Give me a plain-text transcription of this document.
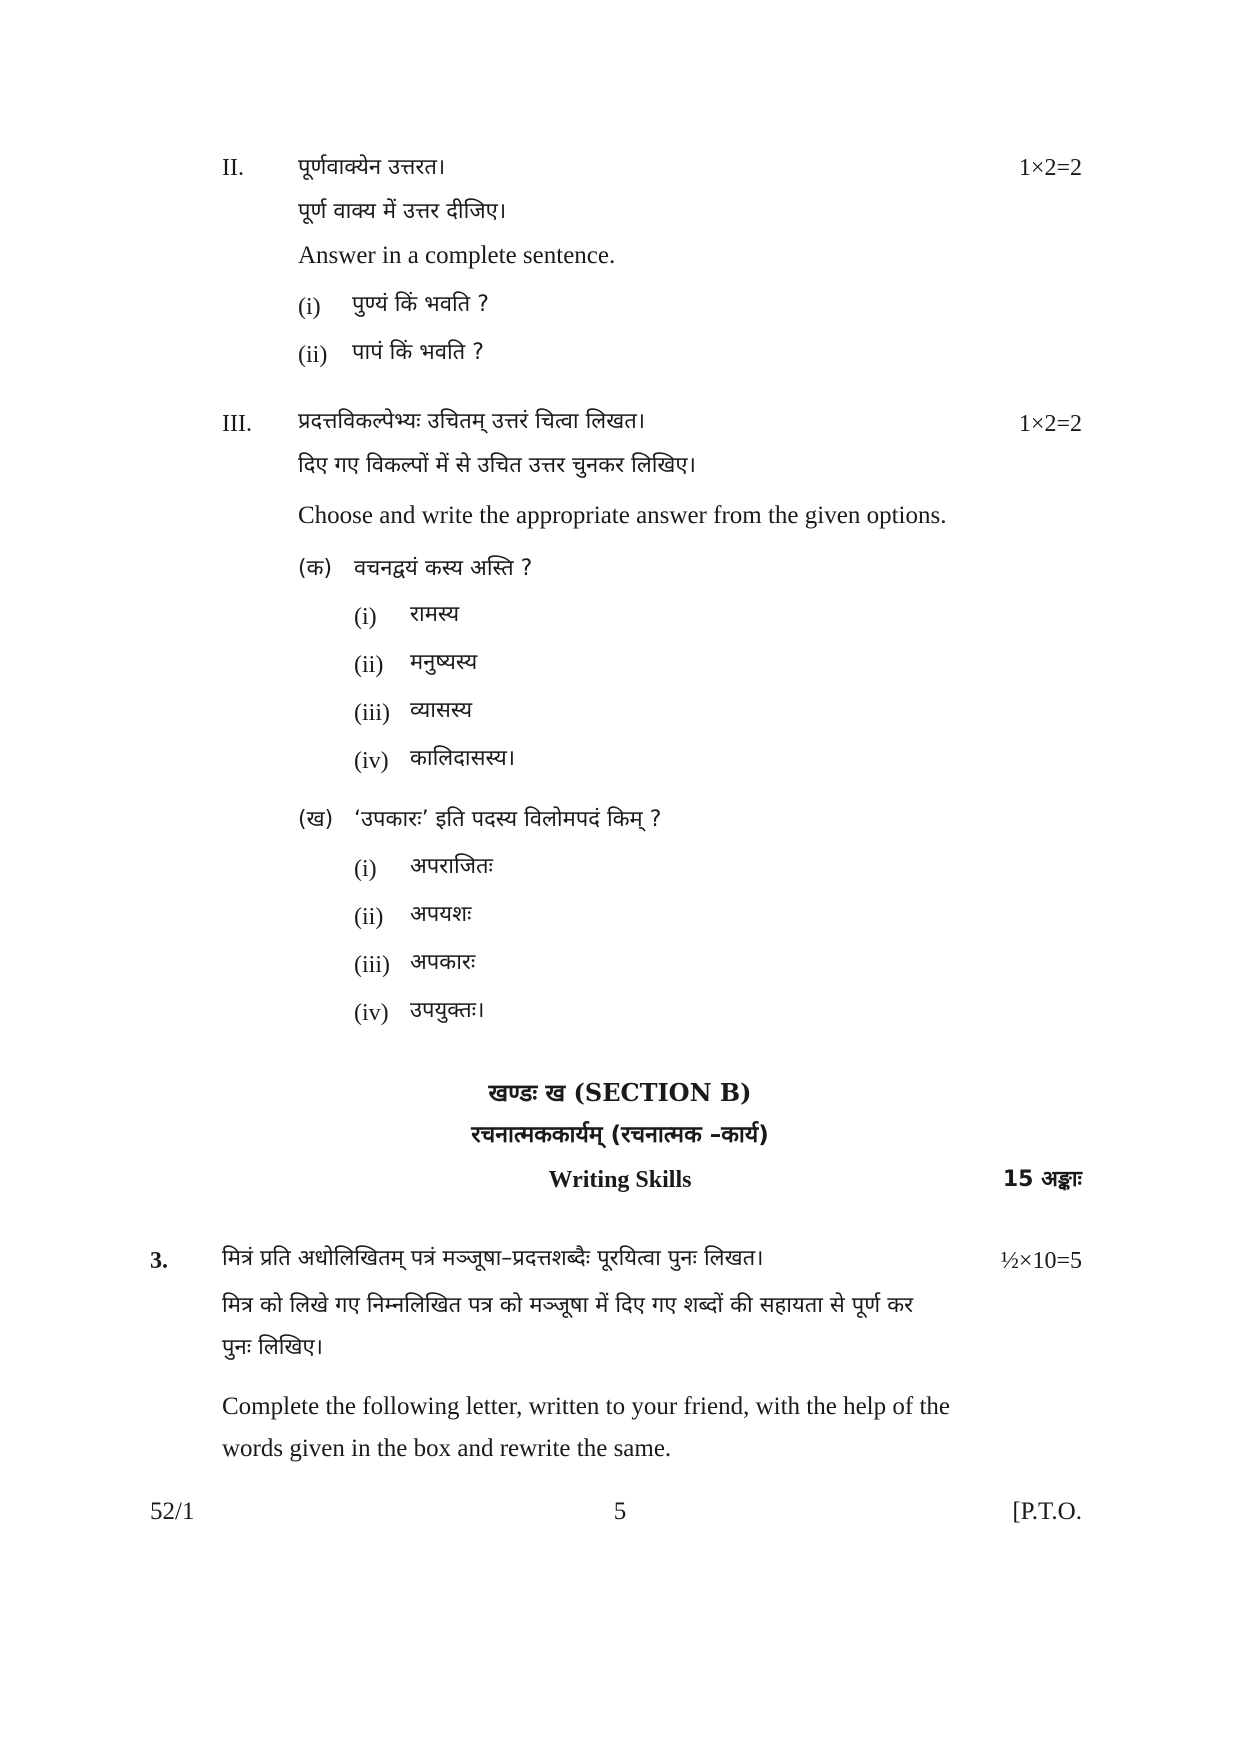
II. पूर्णवाक्येन उत्तरत।	1×2=2
पूर्ण वाक्य में उत्तर दीजिए।
Answer in a complete sentence.
(i) पुण्यं किं भवति ?
(ii) पापं किं भवति ?
III. प्रदत्तविकल्पेभ्यः उचितम् उत्तरं चित्वा लिखत।	1×2=2
दिए गए विकल्पों में से उचित उत्तर चुनकर लिखिए।
Choose and write the appropriate answer from the given options.
(क) वचनद्वयं कस्य अस्ति ?
(i) रामस्य
(ii) मनुष्यस्य
(iii) व्यासस्य
(iv) कालिदासस्य।
(ख) ‘उपकारः’ इति पदस्य विलोमपदं किम् ?
(i) अपराजितः
(ii) अपयशः
(iii) अपकारः
(iv) उपयुक्तः।
खण्डः ख (SECTION B)
रचनात्मककार्यम् (रचनात्मक –कार्य)
Writing Skills	15 अङ्काः
3. मित्रं प्रति अधोलिखितम् पत्रं मञ्जूषा–प्रदत्तशब्दैः पूरयित्वा पुनः लिखत।	½×10=5
मित्र को लिखे गए निम्नलिखित पत्र को मञ्जूषा में दिए गए शब्दों की सहायता से पूर्ण कर
पुनः लिखिए।
Complete the following letter, written to your friend, with the help of the
words given in the box and rewrite the same.
52/1	5	[P.T.O.
